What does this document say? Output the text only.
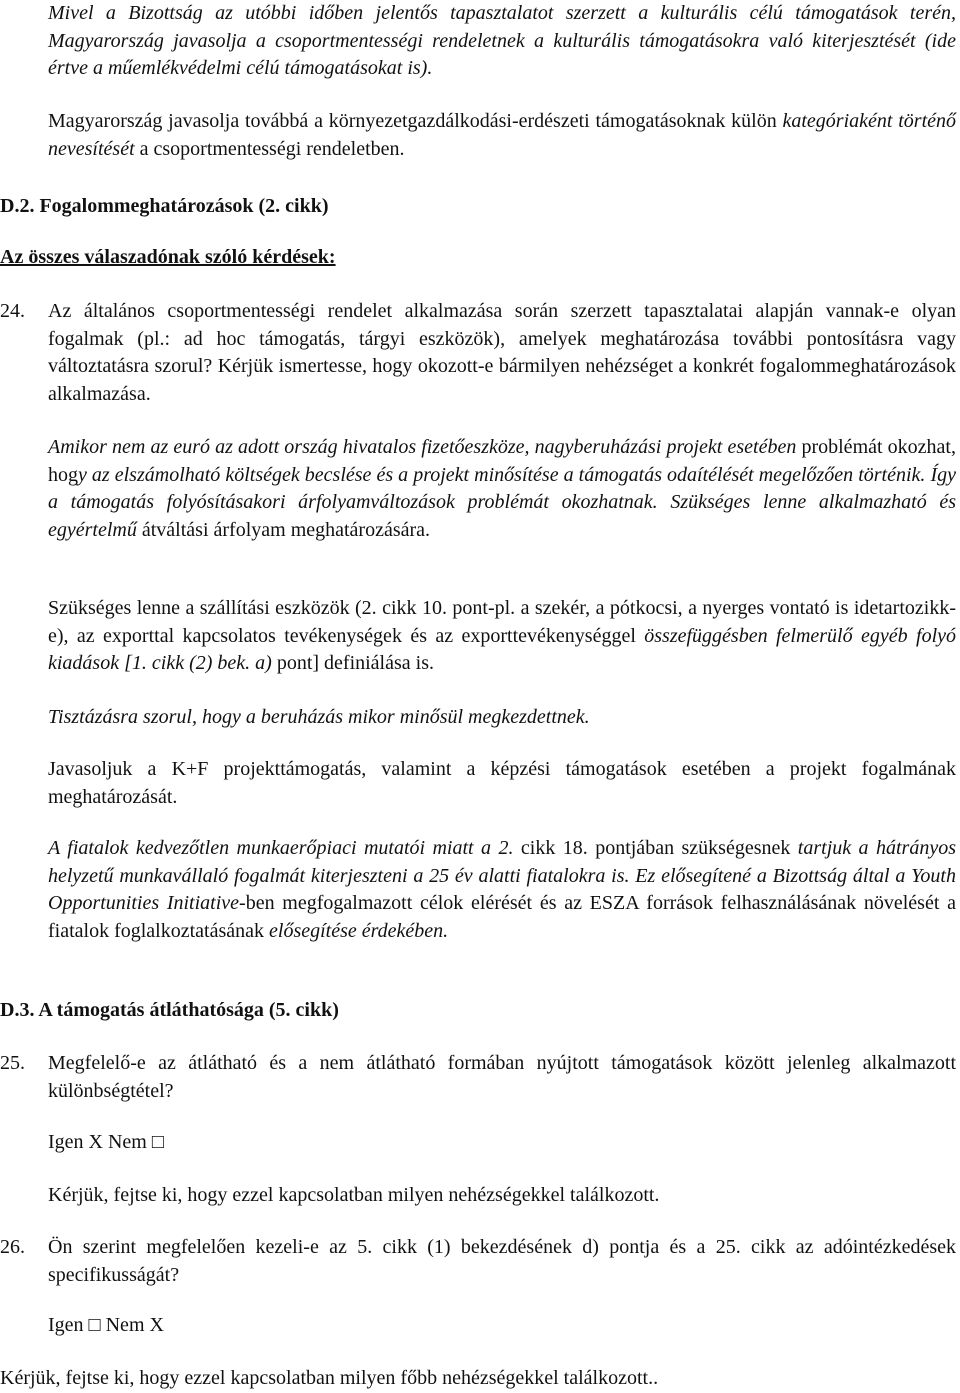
Mivel a Bizottság az utóbbi időben jelentős tapasztalatot szerzett a kulturális célú támogatások terén, Magyarország javasolja a csoportmentességi rendeletnek a kulturális támogatásokra való kiterjesztését (ide értve a műemlékvédelmi célú támogatásokat is).

Magyarország javasolja továbbá a környezetgazdálkodási-erdészeti támogatásoknak külön kategóriaként történő nevesítését a csoportmentességi rendeletben.

D.2. Fogalommeghatározások (2. cikk)
Az összes válaszadónak szóló kérdések:
24. Az általános csoportmentességi rendelet alkalmazása során szerzett tapasztalatai alapján vannak-e olyan fogalmak (pl.: ad hoc támogatás, tárgyi eszközök), amelyek meghatározása további pontosításra vagy változtatásra szorul? Kérjük ismertesse, hogy okozott-e bármilyen nehézséget a konkrét fogalommeghatározások alkalmazása.

Amikor nem az euró az adott ország hivatalos fizetőeszköze, nagyberuházási projekt esetében problémát okozhat, hogy az elszámolható költségek becslése és a projekt minősítése a támogatás odaítélését megelőzően történik. Így a támogatás folyósításakori árfolyamváltozások problémát okozhatnak. Szükséges lenne alkalmazható és egyértelmű átváltási árfolyam meghatározására.

Szükséges lenne a szállítási eszközök (2. cikk 10. pont-pl. a szekér, a pótkocsi, a nyerges vontató is idetartozikk-e), az exporttal kapcsolatos tevékenységek és az exporttevékenységgel összefüggésben felmerülő egyéb folyó kiadások [1. cikk (2) bek. a) pont] definiálása is.

Tisztázásra szorul, hogy a beruházás mikor minősül megkezdettnek.

Javasoljuk a K+F projekttámogatás, valamint a képzési támogatások esetében a projekt fogalmának meghatározását.

A fiatalok kedvezőtlen munkaerőpiaci mutatói miatt a 2. cikk 18. pontjában szükségesnek tartjuk a hátrányos helyzetű munkavállaló fogalmát kiterjeszteni a 25 év alatti fiatalokra is. Ez elősegítené a Bizottság által a Youth Opportunities Initiative-ben megfogalmazott célok elérését és az ESZA források felhasználásának növelését a fiatalok foglalkoztatásának elősegítése érdekében.

D.3. A támogatás átláthatósága (5. cikk)
25. Megfelelő-e az átlátható és a nem átlátható formában nyújtott támogatások között jelenleg alkalmazott különbségtétel?

Igen X Nem □
Kérjük, fejtse ki, hogy ezzel kapcsolatban milyen nehézségekkel találkozott.
26. Ön szerint megfelelően kezeli-e az 5. cikk (1) bekezdésének d) pontja és a 25. cikk az adóintézkedések specifikusságát?

Igen □ Nem X
Kérjük, fejtse ki, hogy ezzel kapcsolatban milyen főbb nehézségekkel találkozott..
